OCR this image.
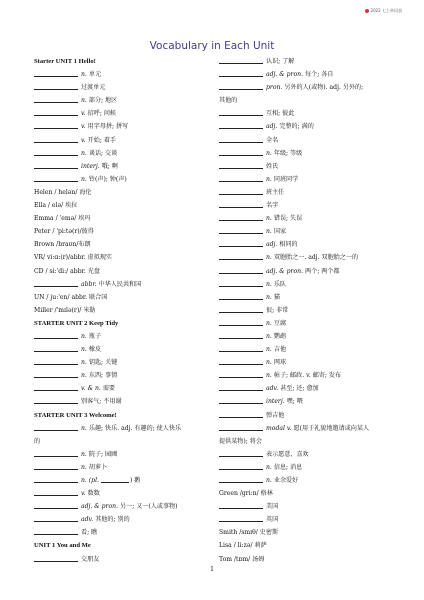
2022 七上单词表
Vocabulary in Each Unit
Starter UNIT 1 Hello!
n. 单元
过渡单元
n. 部分; 地区
v. 招呼; 问候
v. 用字母拼; 拼写
v. 开始; 着手
n. 谈话; 交谈
interj. 哦; 啊
n. 铃(声); 钟(声)
Helen / helən/ 海伦
Ella / elə/ 埃拉
Emma / 'emə/ 埃玛
Peter / 'pi:tə(r)/彼得
Brown /braʊn/布朗
VR/ vi:ɑ:(r)/abbr. 虚拟现实
CD / si:'di:/ abbr. 光盘
abbr. 中华人民共和国
UN / ju:'en/ abbr. 联合国
Miller /'mɪlə(r)/ 米勒
STARTER UNIT 2 Keep Tidy
n. 瓶子
n. 橡皮
n. 钥匙; 关键
n. 东西; 事情
v. & n. 需要
别客气; 不用谢
STARTER UNIT 3 Welcome!
n. 乐趣; 快乐. adj. 有趣的; 使人快乐
的
n. 院子; 园圃
n. 胡萝卜
n. (pl.	) 鹅
v. 数数
adj. & pron. 另一; 又一(人或事物)
adv. 其他的; 别的
看; 瞧
UNIT 1 You and Me
交朋友
认识; 了解
adj. & pron. 每个; 各自
pron. 另外的人(或物). adj. 另外的;
其他的
互相; 彼此
adj. 完整的; 满的
全名
n. 年级; 等级
姓氏
n. 同班同学
班主任
名字
n. 错误; 失误
n. 国家
adj. 相同的
n. 双胞胎之一. adj. 双胞胎之一的
adj. & pron. 两个; 两个都
n. 乐队
n. 猫
很; 非常
n. 豆腐
n. 鹦鹉
n. 吉他
n. 网球
n. 帖子; 邮政. v. 邮寄; 发布
adv. 甚至; 还; 愈加
interj. 嘿; 喂
弹吉他
modal v. 愿(用于礼貌地邀请或向某人
提供某物); 将会
表示愿意、喜欢
n. 信息; 消息
n. 业余爱好
Green /gri:n/ 格林
美国
英国
Smith /smɪθ/ 史密斯
Lisa / li:zə/ 莉萨
Tom /tɒm/ 汤姆
1
